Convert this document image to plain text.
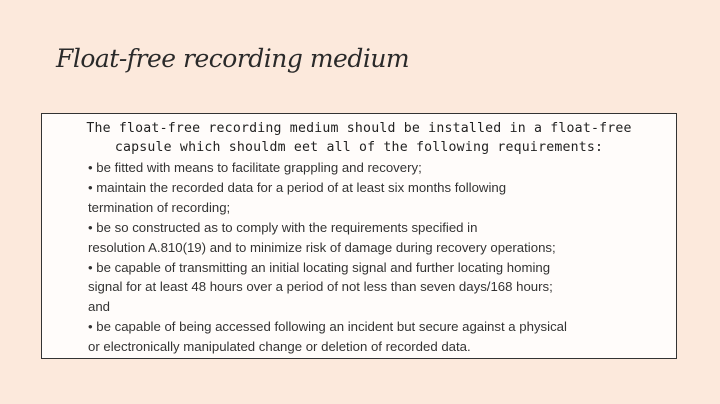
Float-free recording medium
The float-free recording medium should be installed in a float-free
capsule which shouldm eet all of the following requirements:
• be fitted with means to facilitate grappling and recovery;
• maintain the recorded data for a period of at least six months following
termination of recording;
• be so constructed as to comply with the requirements specified in
resolution A.810(19) and to minimize risk of damage during recovery operations;
• be capable of transmitting an initial locating signal and further locating homing
signal for at least 48 hours over a period of not less than seven days/168 hours;
and
• be capable of being accessed following an incident but secure against a physical
or electronically manipulated change or deletion of recorded data.
